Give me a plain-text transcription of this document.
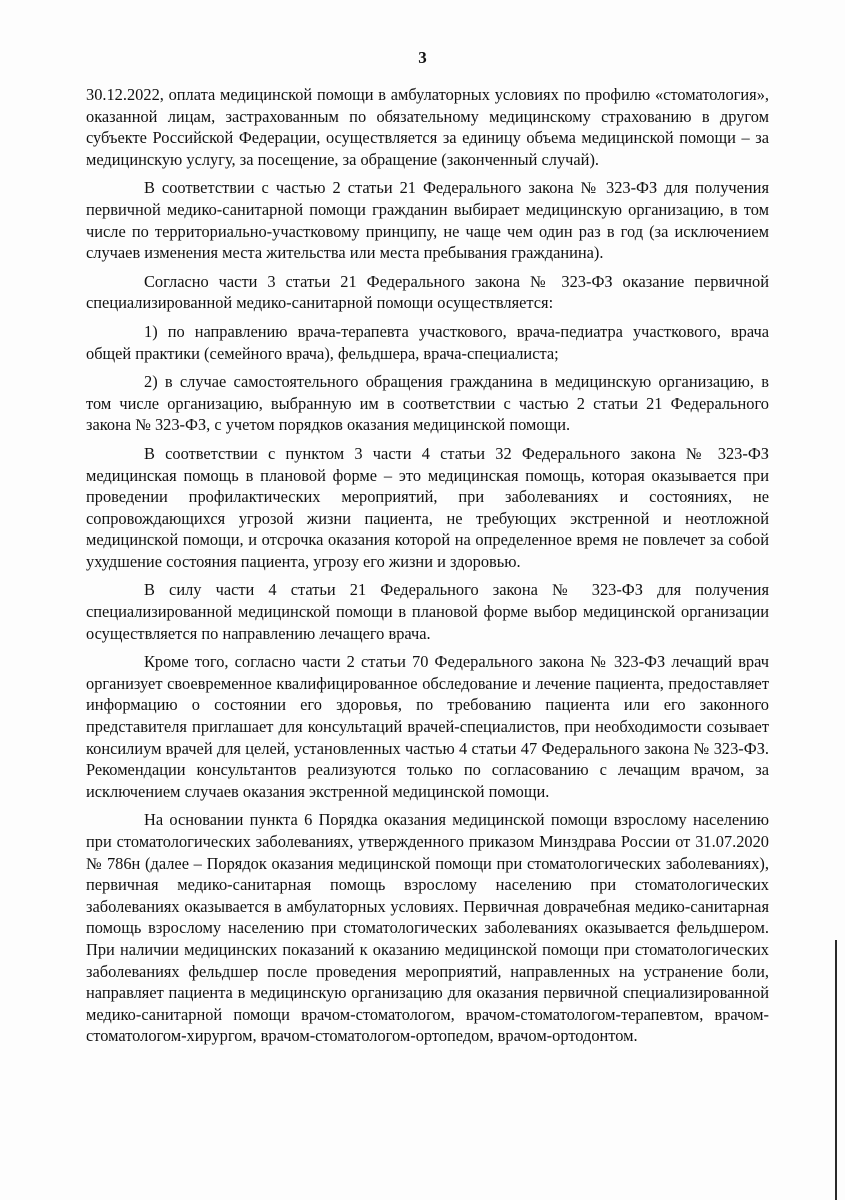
3

30.12.2022, оплата медицинской помощи в амбулаторных условиях по профилю «стоматология», оказанной лицам, застрахованным по обязательному медицинскому страхованию в другом субъекте Российской Федерации, осуществляется за единицу объема медицинской помощи – за медицинскую услугу, за посещение, за обращение (законченный случай).

В соответствии с частью 2 статьи 21 Федерального закона № 323-ФЗ для получения первичной медико-санитарной помощи гражданин выбирает медицинскую организацию, в том числе по территориально-участковому принципу, не чаще чем один раз в год (за исключением случаев изменения места жительства или места пребывания гражданина).

Согласно части 3 статьи 21 Федерального закона № 323-ФЗ оказание первичной специализированной медико-санитарной помощи осуществляется:

1) по направлению врача-терапевта участкового, врача-педиатра участкового, врача общей практики (семейного врача), фельдшера, врача-специалиста;

2) в случае самостоятельного обращения гражданина в медицинскую организацию, в том числе организацию, выбранную им в соответствии с частью 2 статьи 21 Федерального закона № 323-ФЗ, с учетом порядков оказания медицинской помощи.

В соответствии с пунктом 3 части 4 статьи 32 Федерального закона № 323-ФЗ медицинская помощь в плановой форме – это медицинская помощь, которая оказывается при проведении профилактических мероприятий, при заболеваниях и состояниях, не сопровождающихся угрозой жизни пациента, не требующих экстренной и неотложной медицинской помощи, и отсрочка оказания которой на определенное время не повлечет за собой ухудшение состояния пациента, угрозу его жизни и здоровью.

В силу части 4 статьи 21 Федерального закона № 323-ФЗ для получения специализированной медицинской помощи в плановой форме выбор медицинской организации осуществляется по направлению лечащего врача.

Кроме того, согласно части 2 статьи 70 Федерального закона № 323-ФЗ лечащий врач организует своевременное квалифицированное обследование и лечение пациента, предоставляет информацию о состоянии его здоровья, по требованию пациента или его законного представителя приглашает для консультаций врачей-специалистов, при необходимости созывает консилиум врачей для целей, установленных частью 4 статьи 47 Федерального закона № 323-ФЗ. Рекомендации консультантов реализуются только по согласованию с лечащим врачом, за исключением случаев оказания экстренной медицинской помощи.

На основании пункта 6 Порядка оказания медицинской помощи взрослому населению при стоматологических заболеваниях, утвержденного приказом Минздрава России от 31.07.2020 № 786н (далее – Порядок оказания медицинской помощи при стоматологических заболеваниях), первичная медико-санитарная помощь взрослому населению при стоматологических заболеваниях оказывается в амбулаторных условиях. Первичная доврачебная медико-санитарная помощь взрослому населению при стоматологических заболеваниях оказывается фельдшером. При наличии медицинских показаний к оказанию медицинской помощи при стоматологических заболеваниях фельдшер после проведения мероприятий, направленных на устранение боли, направляет пациента в медицинскую организацию для оказания первичной специализированной медико-санитарной помощи врачом-стоматологом, врачом-стоматологом-терапевтом, врачом-стоматологом-хирургом, врачом-стоматологом-ортопедом, врачом-ортодонтом.
